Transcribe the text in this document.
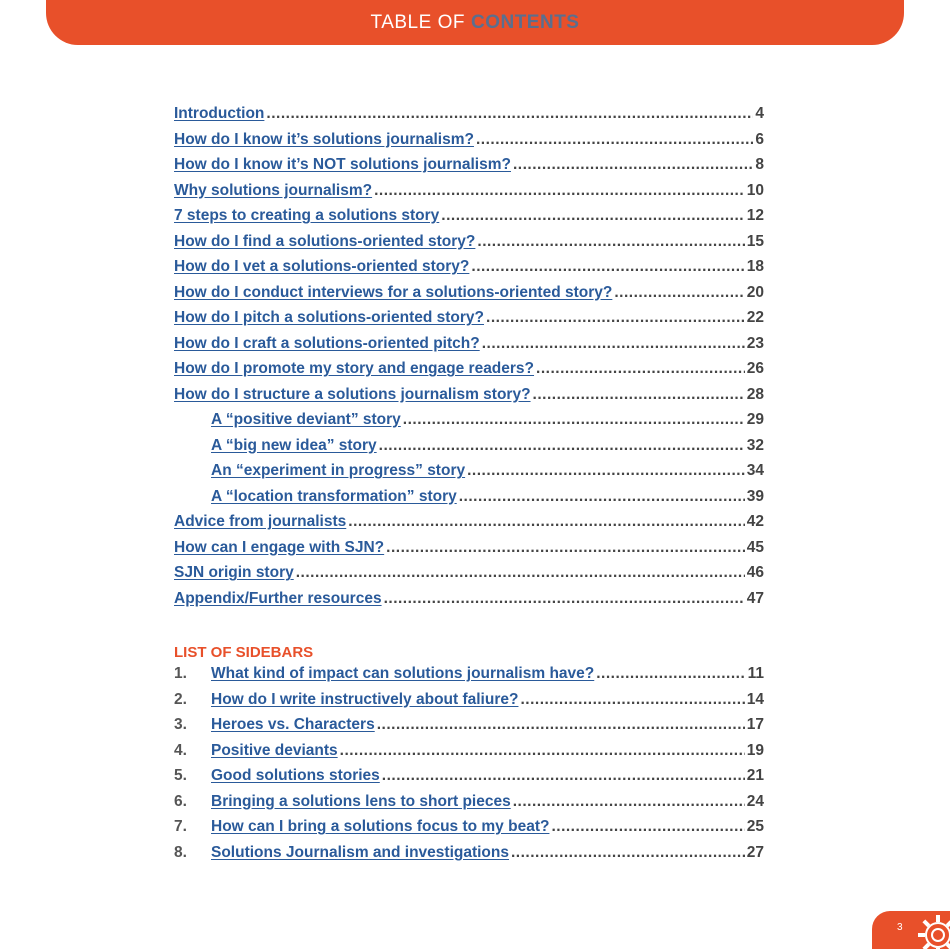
TABLE OF CONTENTS
Introduction .....	4
How do I know it’s solutions journalism? .....	6
How do I know it’s NOT solutions journalism? .....	8
Why solutions journalism? .....	10
7 steps to creating a solutions story .....	12
How do I find a solutions-oriented story? .....	15
How do I vet a solutions-oriented story? .....	18
How do I conduct interviews for a solutions-oriented story? .....	20
How do I pitch a solutions-oriented story? .....	22
How do I craft a solutions-oriented pitch? .....	23
How do I promote my story and engage readers? .....	26
How do I structure a solutions journalism story? .....	28
A “positive deviant” story .....	29
A “big new idea” story .....	32
An “experiment in progress” story .....	34
A “location transformation” story .....	39
Advice from journalists .....	42
How can I engage with SJN? .....	45
SJN origin story .....	46
Appendix/Further resources .....	47
LIST OF SIDEBARS
1.	What kind of impact can solutions journalism have? .....	11
2.	How do I write instructively about faliure? .....	14
3.	Heroes vs. Characters .....	17
4.	Positive deviants .....	19
5.	Good solutions stories .....	21
6.	Bringing a solutions lens to short pieces .....	24
7.	How can I bring a solutions focus to my beat? .....	25
8.	Solutions Journalism and investigations .....	27
3
